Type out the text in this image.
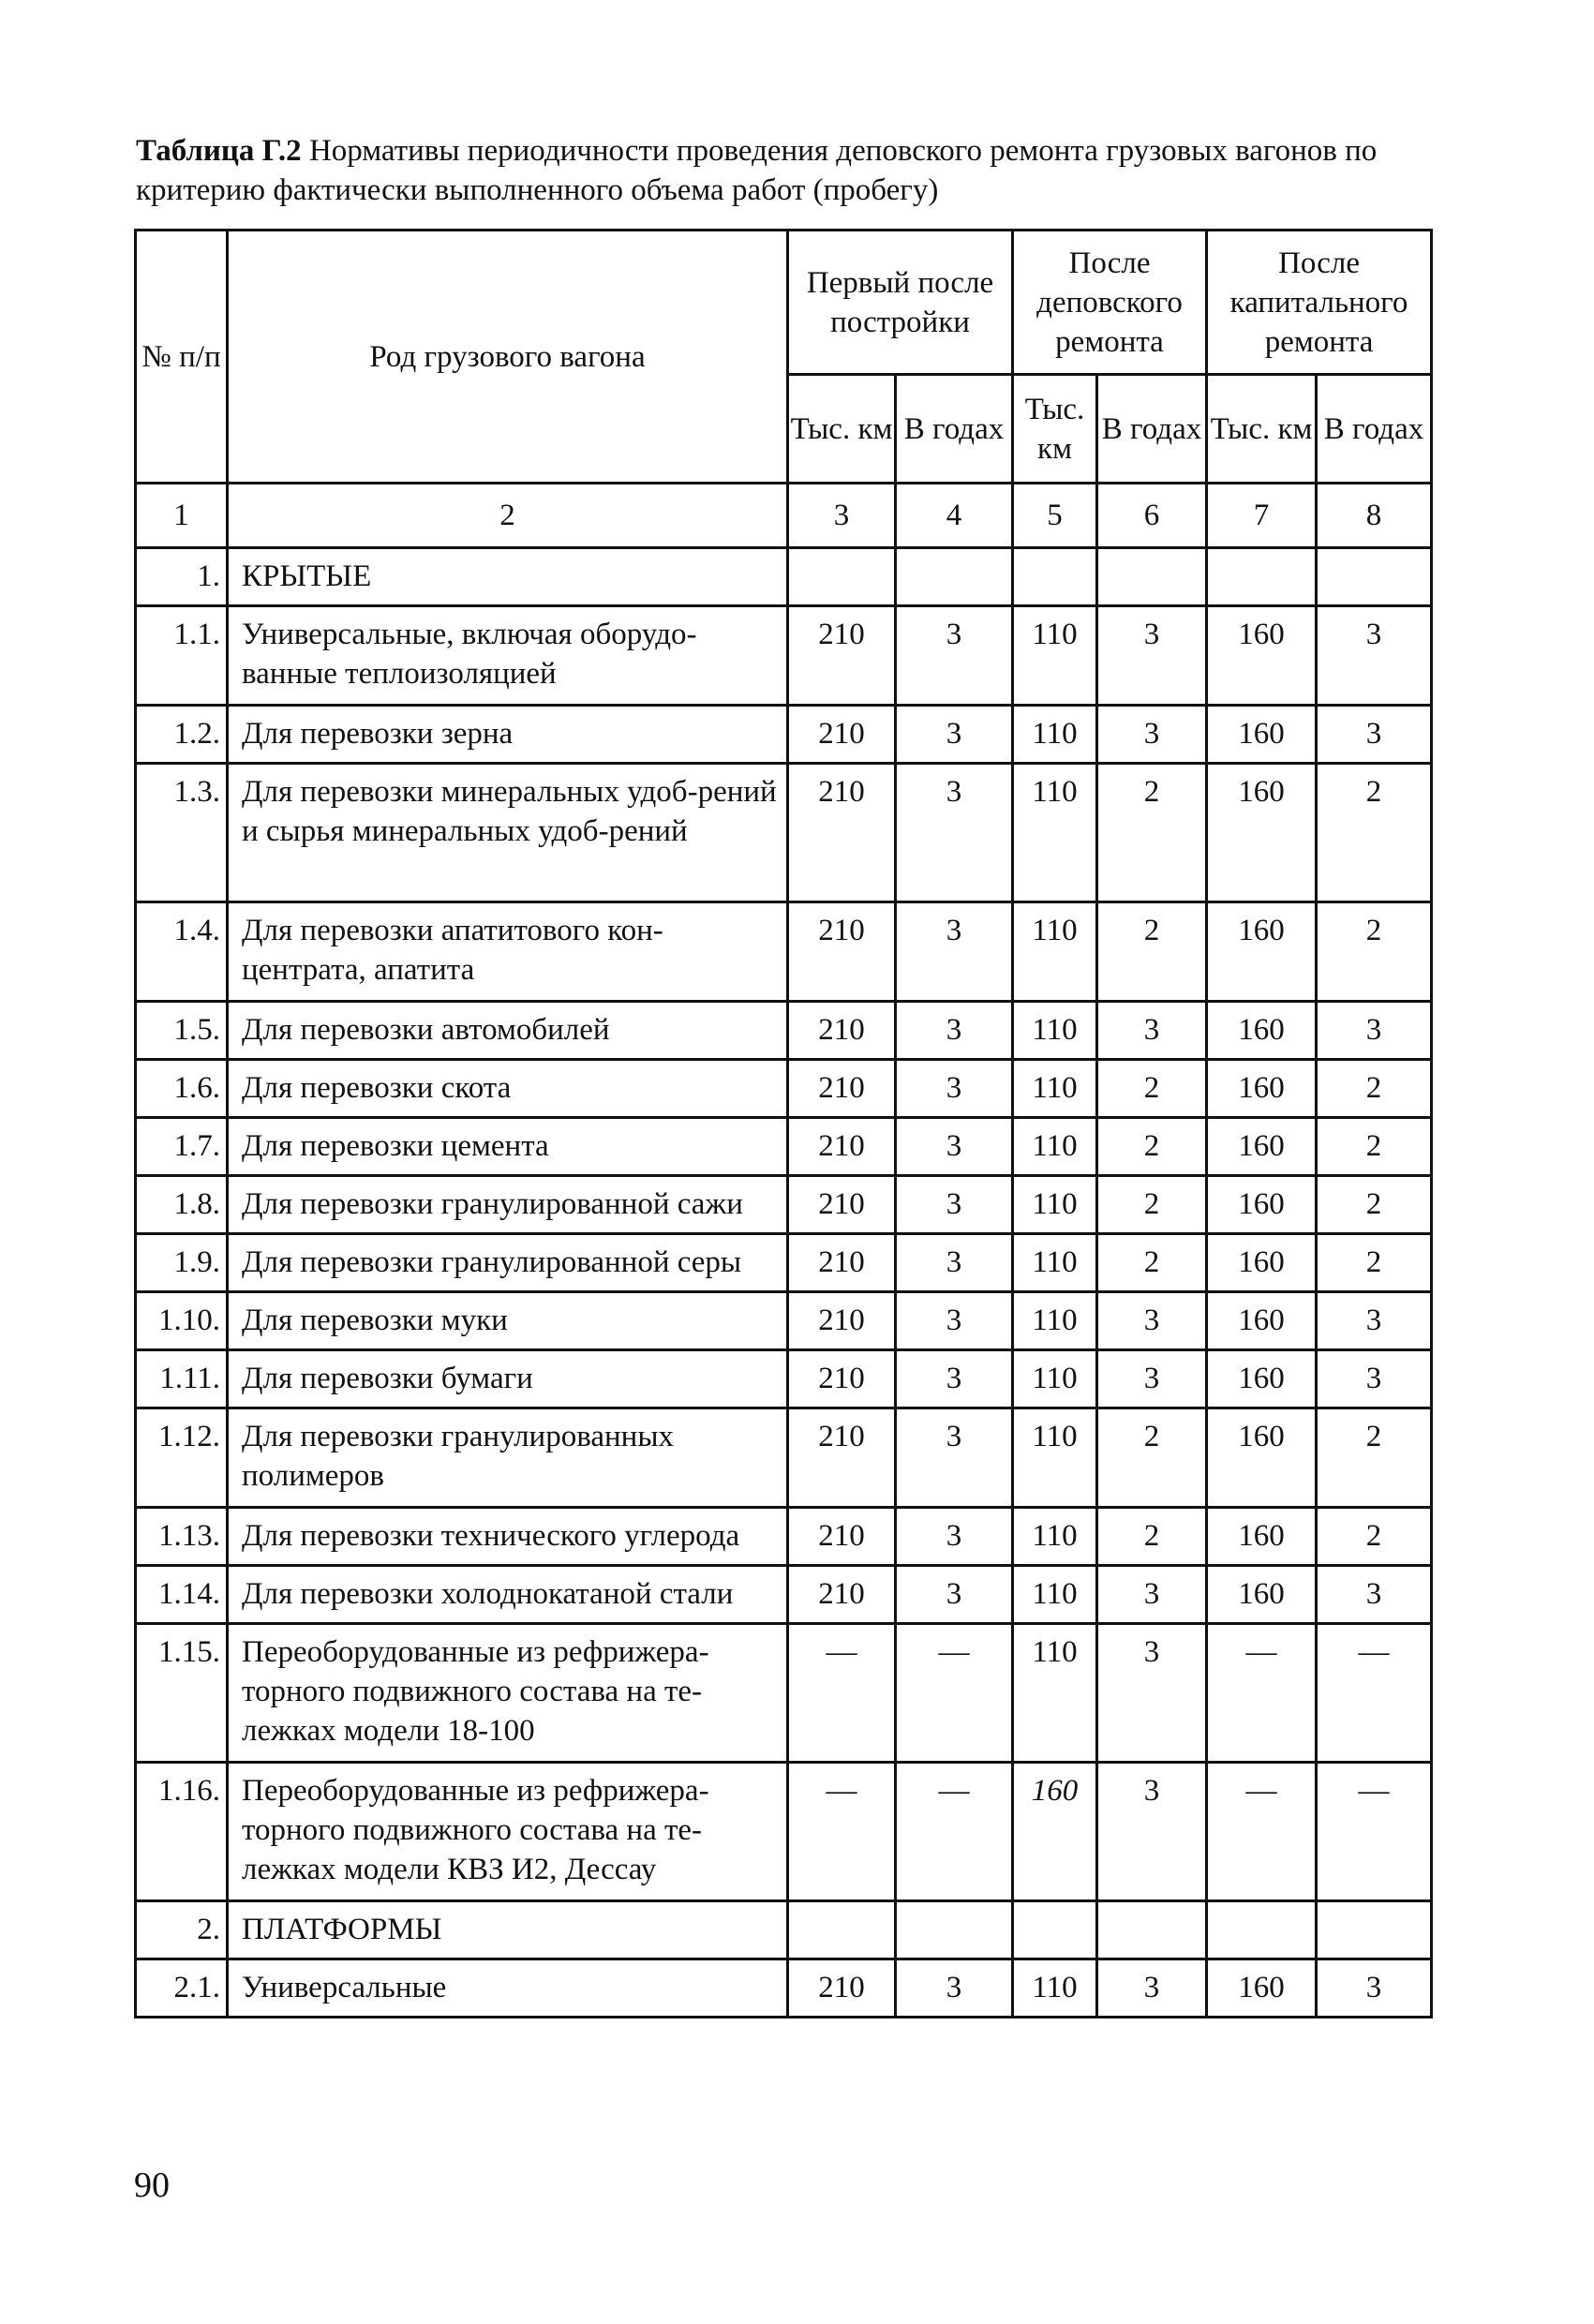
Таблица Г.2 Нормативы периодичности проведения деповского ремонта грузовых вагонов по критерию фактически выполненного объема работ (пробегу)
№ п/п	Род грузового вагона	Первый после постройки		После деповского ремонта		После капитального ремонта	
		Тыс. км	В годах	Тыс. км	В годах	Тыс. км	В годах
1	2	3	4	5	6	7	8
1.	КРЫТЫЕ						
1.1.	Универсальные, включая оборудо-ванные теплоизоляцией	210	3	110	3	160	3
1.2.	Для перевозки зерна	210	3	110	3	160	3
1.3.	Для перевозки минеральных удоб-рений и сырья минеральных удоб-рений	210	3	110	2	160	2
1.4.	Для перевозки апатитового кон-центрата, апатита	210	3	110	2	160	2
1.5.	Для перевозки автомобилей	210	3	110	3	160	3
1.6.	Для перевозки скота	210	3	110	2	160	2
1.7.	Для перевозки цемента	210	3	110	2	160	2
1.8.	Для перевозки гранулированной сажи	210	3	110	2	160	2
1.9.	Для перевозки гранулированной серы	210	3	110	2	160	2
1.10.	Для перевозки муки	210	3	110	3	160	3
1.11.	Для перевозки бумаги	210	3	110	3	160	3
1.12.	Для перевозки гранулированных полимеров	210	3	110	2	160	2
1.13.	Для перевозки технического углерода	210	3	110	2	160	2
1.14.	Для перевозки холоднокатаной стали	210	3	110	3	160	3
1.15.	Переоборудованные из рефрижера-торного подвижного состава на те-лежках модели 18-100	—	—	110	3	—	—
1.16.	Переоборудованные из рефрижера-торного подвижного состава на те-лежках модели КВЗ И2, Дессау	—	—	160	3	—	—
2.	ПЛАТФОРМЫ						
2.1.	Универсальные	210	3	110	3	160	3
90
